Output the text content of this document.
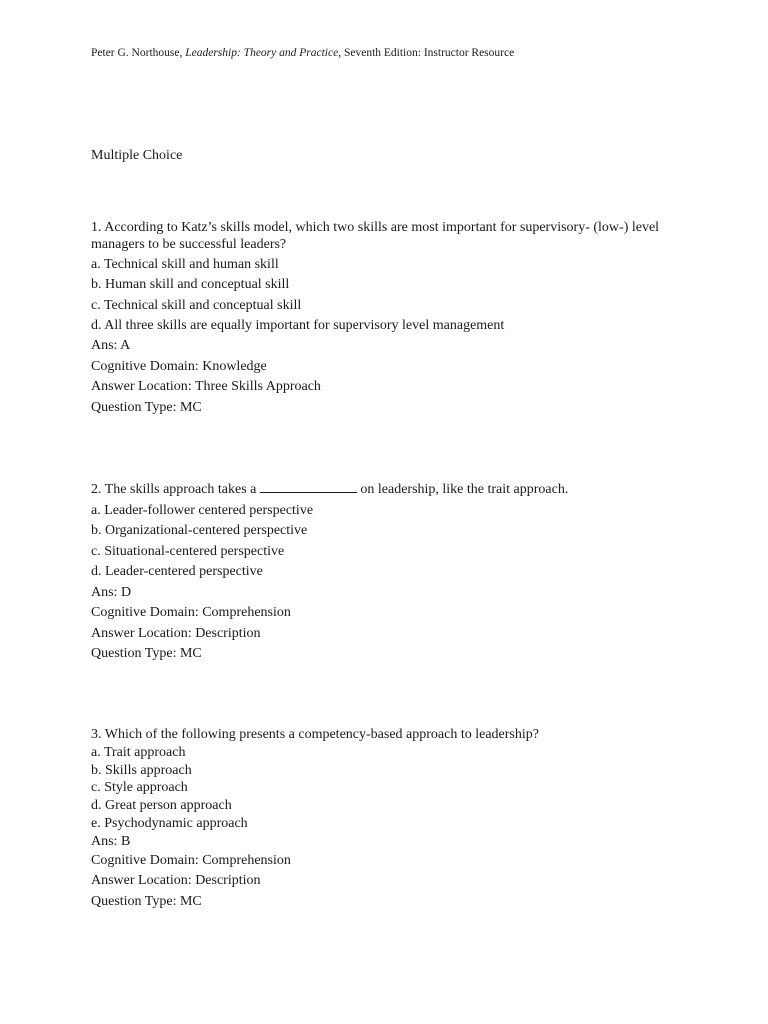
Peter G. Northouse, Leadership: Theory and Practice, Seventh Edition: Instructor Resource
Multiple Choice
1. According to Katz’s skills model, which two skills are most important for supervisory- (low-) level managers to be successful leaders?
a. Technical skill and human skill
b. Human skill and conceptual skill
c. Technical skill and conceptual skill
d. All three skills are equally important for supervisory level management
Ans: A
Cognitive Domain: Knowledge
Answer Location: Three Skills Approach
Question Type: MC
2. The skills approach takes a	on leadership, like the trait approach.
a. Leader-follower centered perspective
b. Organizational-centered perspective
c. Situational-centered perspective
d. Leader-centered perspective
Ans: D
Cognitive Domain: Comprehension
Answer Location: Description
Question Type: MC
3. Which of the following presents a competency-based approach to leadership?
a. Trait approach
b. Skills approach
c. Style approach
d. Great person approach
e. Psychodynamic approach
Ans: B
Cognitive Domain: Comprehension
Answer Location: Description
Question Type: MC
